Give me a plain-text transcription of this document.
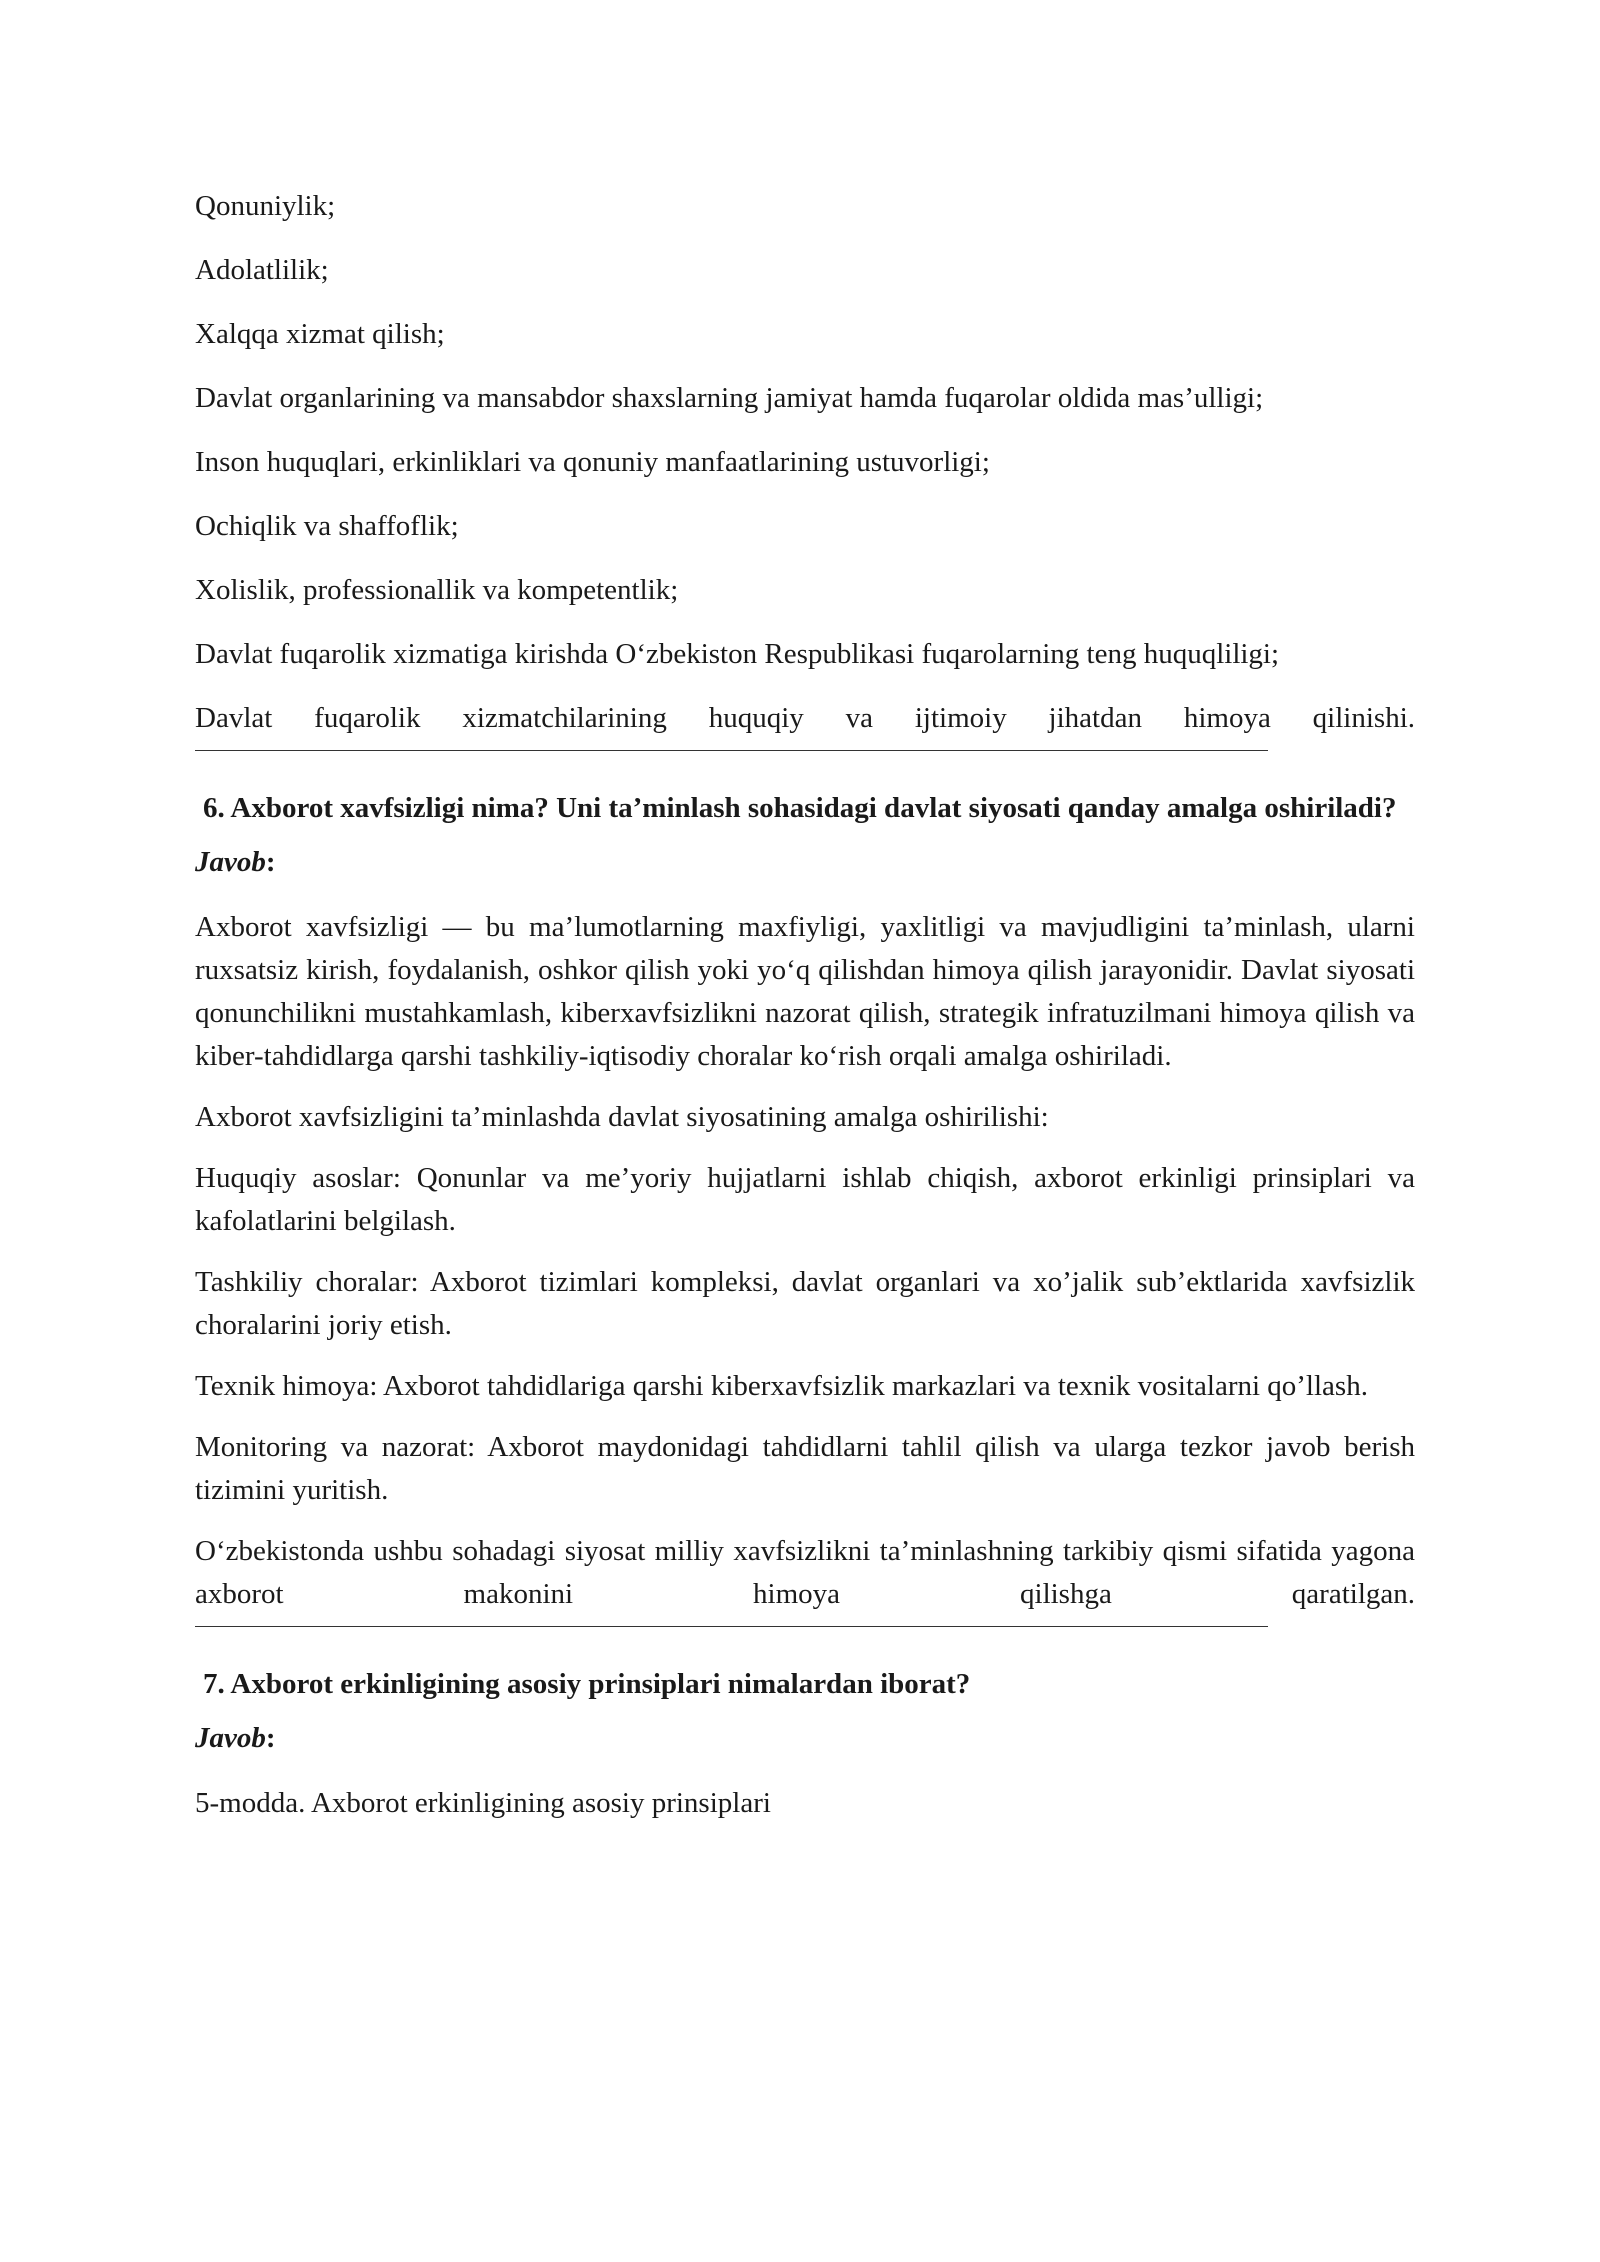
Qonuniylik;
Adolatlilik;
Xalqqa xizmat qilish;
Davlat organlarining va mansabdor shaxslarning jamiyat hamda fuqarolar oldida mas’ulligi;
Inson huquqlari, erkinliklari va qonuniy manfaatlarining ustuvorligi;
Ochiqlik va shaffoflik;
Xolislik, professionallik va kompetentlik;
Davlat fuqarolik xizmatiga kirishda O‘zbekiston Respublikasi fuqarolarning teng huquqliligi;
Davlat fuqarolik xizmatchilarining huquqiy va ijtimoiy jihatdan himoya qilinishi.
6. Axborot xavfsizligi nima? Uni ta’minlash sohasidagi davlat siyosati qanday amalga oshiriladi?
Javob:

Axborot xavfsizligi — bu ma’lumotlarning maxfiyligi, yaxlitligi va mavjudligini ta’minlash, ularni ruxsatsiz kirish, foydalanish, oshkor qilish yoki yo‘q qilishdan himoya qilish jarayonidir. Davlat siyosati qonunchilikni mustahkamlash, kiberxavfsizlikni nazorat qilish, strategik infratuzilmani himoya qilish va kiber-tahdidlarga qarshi tashkiliy-iqtisodiy choralar ko‘rish orqali amalga oshiriladi.

Axborot xavfsizligini ta’minlashda davlat siyosatining amalga oshirilishi:

Huquqiy asoslar: Qonunlar va me’yoriy hujjatlarni ishlab chiqish, axborot erkinligi prinsiplari va kafolatlarini belgilash.

Tashkiliy choralar: Axborot tizimlari kompleksi, davlat organlari va xo’jalik sub’ektlarida xavfsizlik choralarini joriy etish.

Texnik himoya: Axborot tahdidlariga qarshi kiberxavfsizlik markazlari va texnik vositalarni qo’llash.

Monitoring va nazorat: Axborot maydonidagi tahdidlarni tahlil qilish va ularga tezkor javob berish tizimini yuritish.

O‘zbekistonda ushbu sohadagi siyosat milliy xavfsizlikni ta’minlashning tarkibiy qismi sifatida yagona axborot makonini himoya qilishga qaratilgan.

7. Axborot erkinligining asosiy prinsiplari nimalardan iborat?
Javob:

5-modda. Axborot erkinligining asosiy prinsiplari
